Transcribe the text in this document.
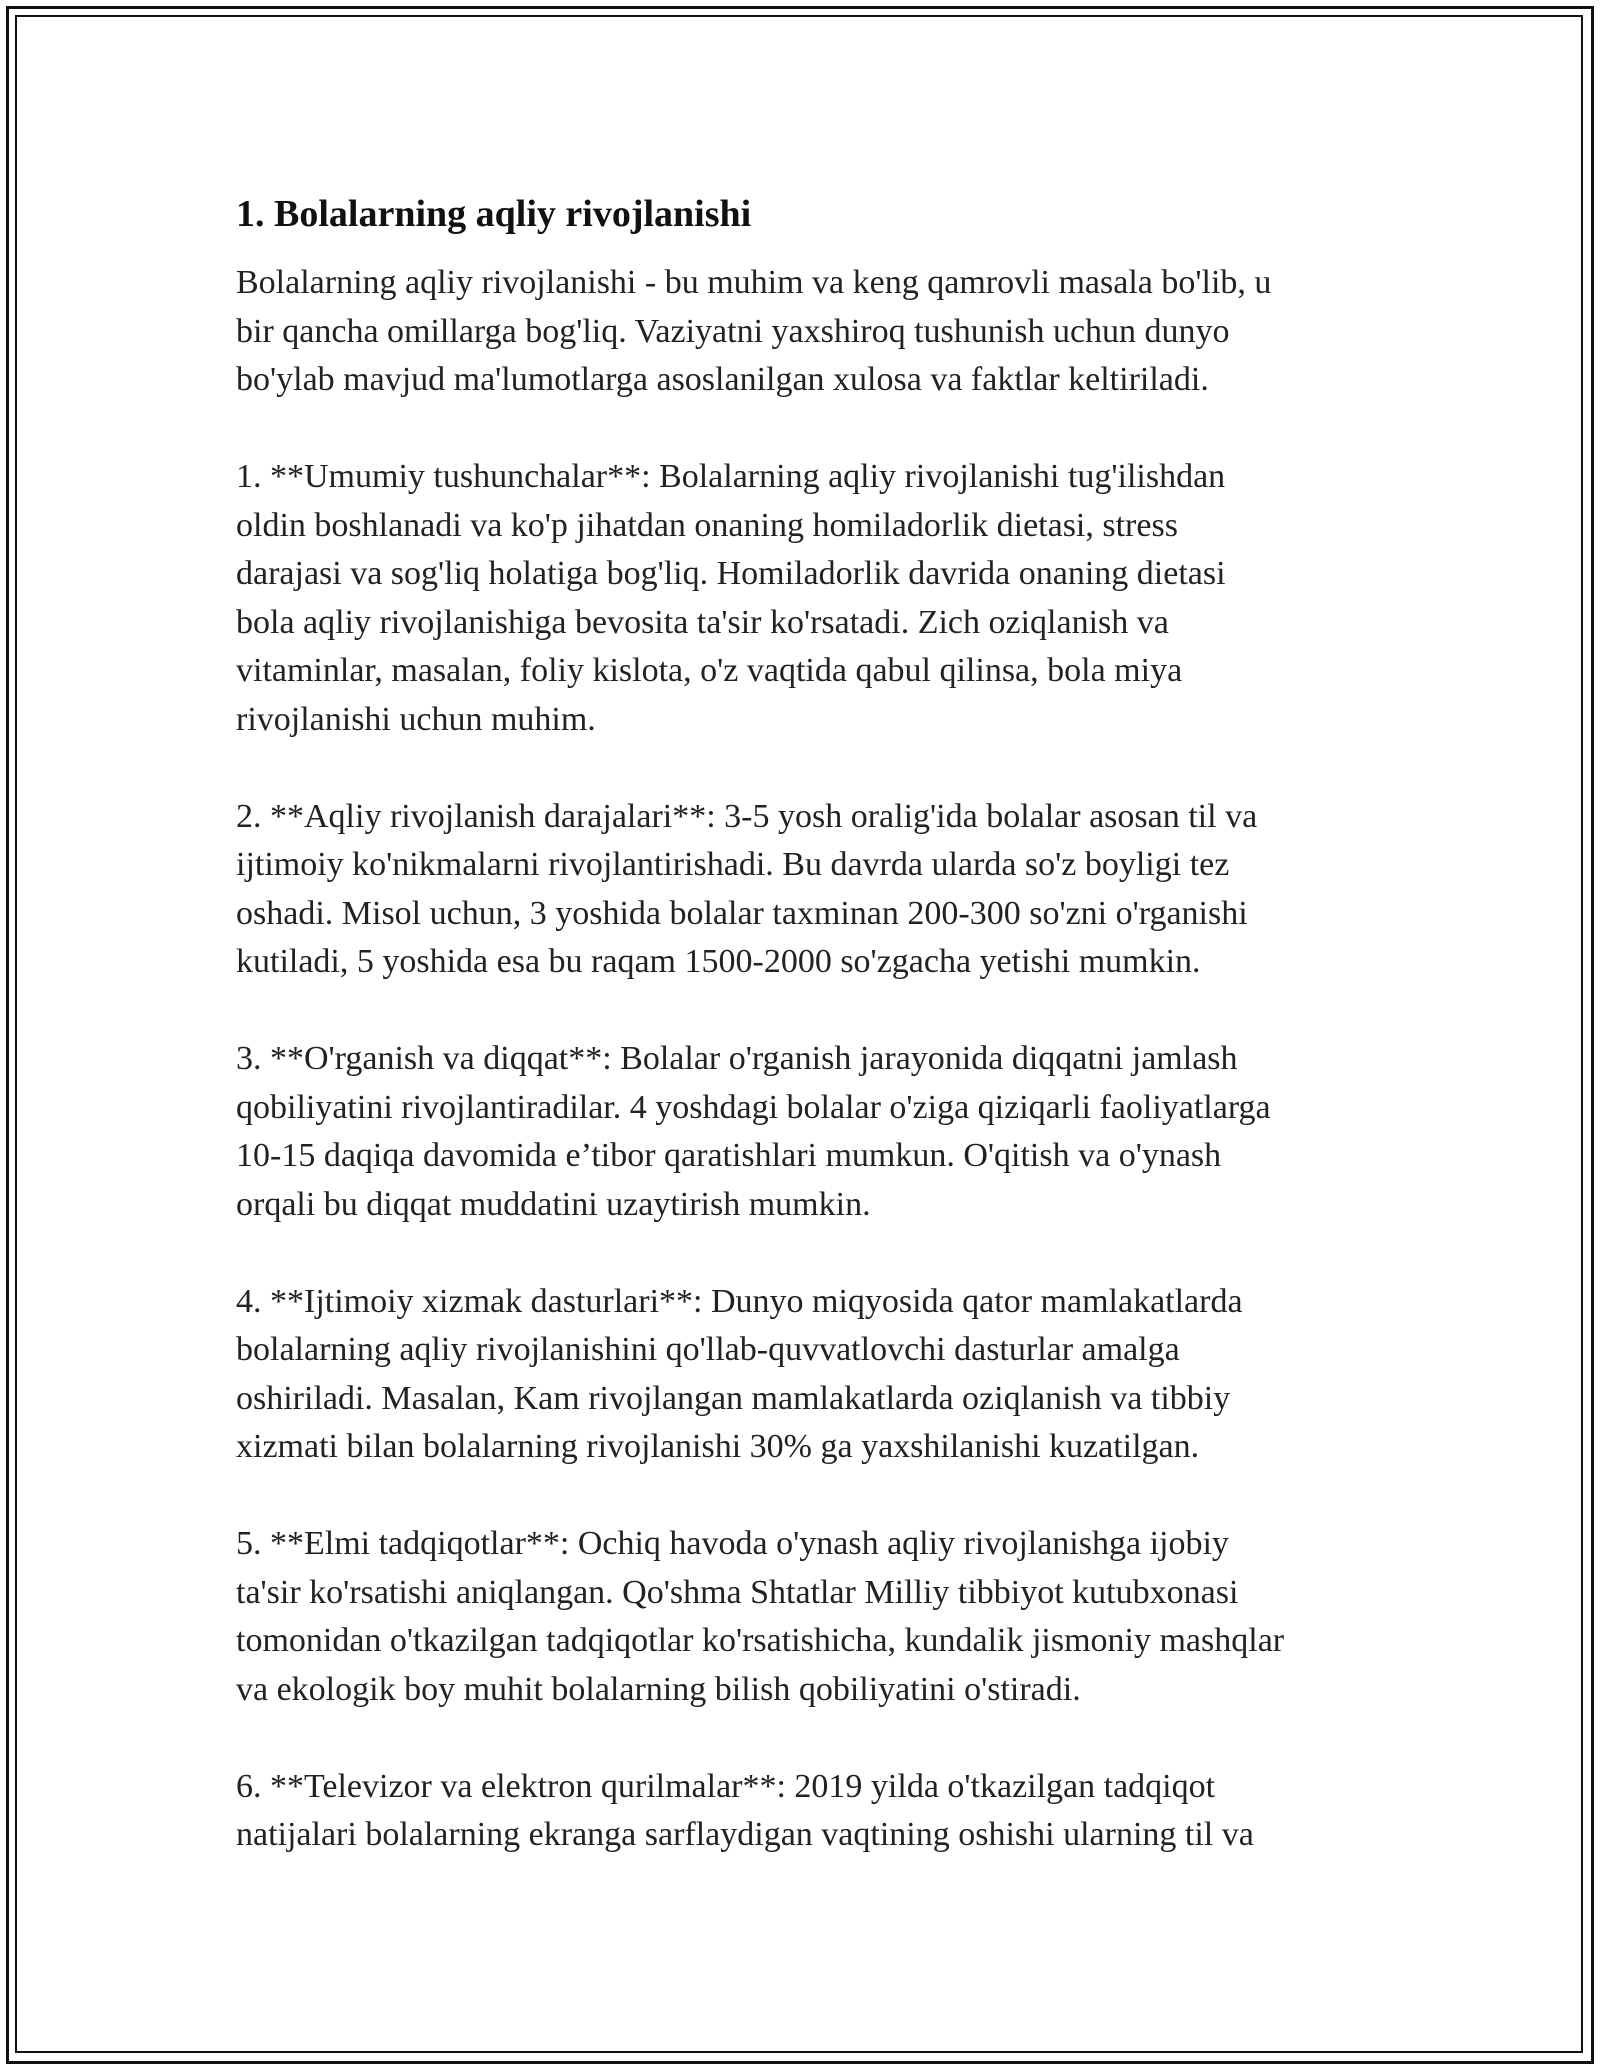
1. Bolalarning aqliy rivojlanishi

Bolalarning aqliy rivojlanishi - bu muhim va keng qamrovli masala bo'lib, u
bir qancha omillarga bog'liq. Vaziyatni yaxshiroq tushunish uchun dunyo
bo'ylab mavjud ma'lumotlarga asoslanilgan xulosa va faktlar keltiriladi.

1. **Umumiy tushunchalar**: Bolalarning aqliy rivojlanishi tug'ilishdan
oldin boshlanadi va ko'p jihatdan onaning homiladorlik dietasi, stress
darajasi va sog'liq holatiga bog'liq. Homiladorlik davrida onaning dietasi
bola aqliy rivojlanishiga bevosita ta'sir ko'rsatadi. Zich oziqlanish va
vitaminlar, masalan, foliy kislota, o'z vaqtida qabul qilinsa, bola miya
rivojlanishi uchun muhim.

2. **Aqliy rivojlanish darajalari**: 3-5 yosh oralig'ida bolalar asosan til va
ijtimoiy ko'nikmalarni rivojlantirishadi. Bu davrda ularda so'z boyligi tez
oshadi. Misol uchun, 3 yoshida bolalar taxminan 200-300 so'zni o'rganishi
kutiladi, 5 yoshida esa bu raqam 1500-2000 so'zgacha yetishi mumkin.

3. **O'rganish va diqqat**: Bolalar o'rganish jarayonida diqqatni jamlash
qobiliyatini rivojlantiradilar. 4 yoshdagi bolalar o'ziga qiziqarli faoliyatlarga
10-15 daqiqa davomida e’tibor qaratishlari mumkun. O'qitish va o'ynash
orqali bu diqqat muddatini uzaytirish mumkin.

4. **Ijtimoiy xizmak dasturlari**: Dunyo miqyosida qator mamlakatlarda
bolalarning aqliy rivojlanishini qo'llab-quvvatlovchi dasturlar amalga
oshiriladi. Masalan, Kam rivojlangan mamlakatlarda oziqlanish va tibbiy
xizmati bilan bolalarning rivojlanishi 30% ga yaxshilanishi kuzatilgan.

5. **Elmi tadqiqotlar**: Ochiq havoda o'ynash aqliy rivojlanishga ijobiy
ta'sir ko'rsatishi aniqlangan. Qo'shma Shtatlar Milliy tibbiyot kutubxonasi
tomonidan o'tkazilgan tadqiqotlar ko'rsatishicha, kundalik jismoniy mashqlar
va ekologik boy muhit bolalarning bilish qobiliyatini o'stiradi.

6. **Televizor va elektron qurilmalar**: 2019 yilda o'tkazilgan tadqiqot
natijalari bolalarning ekranga sarflaydigan vaqtining oshishi ularning til va
